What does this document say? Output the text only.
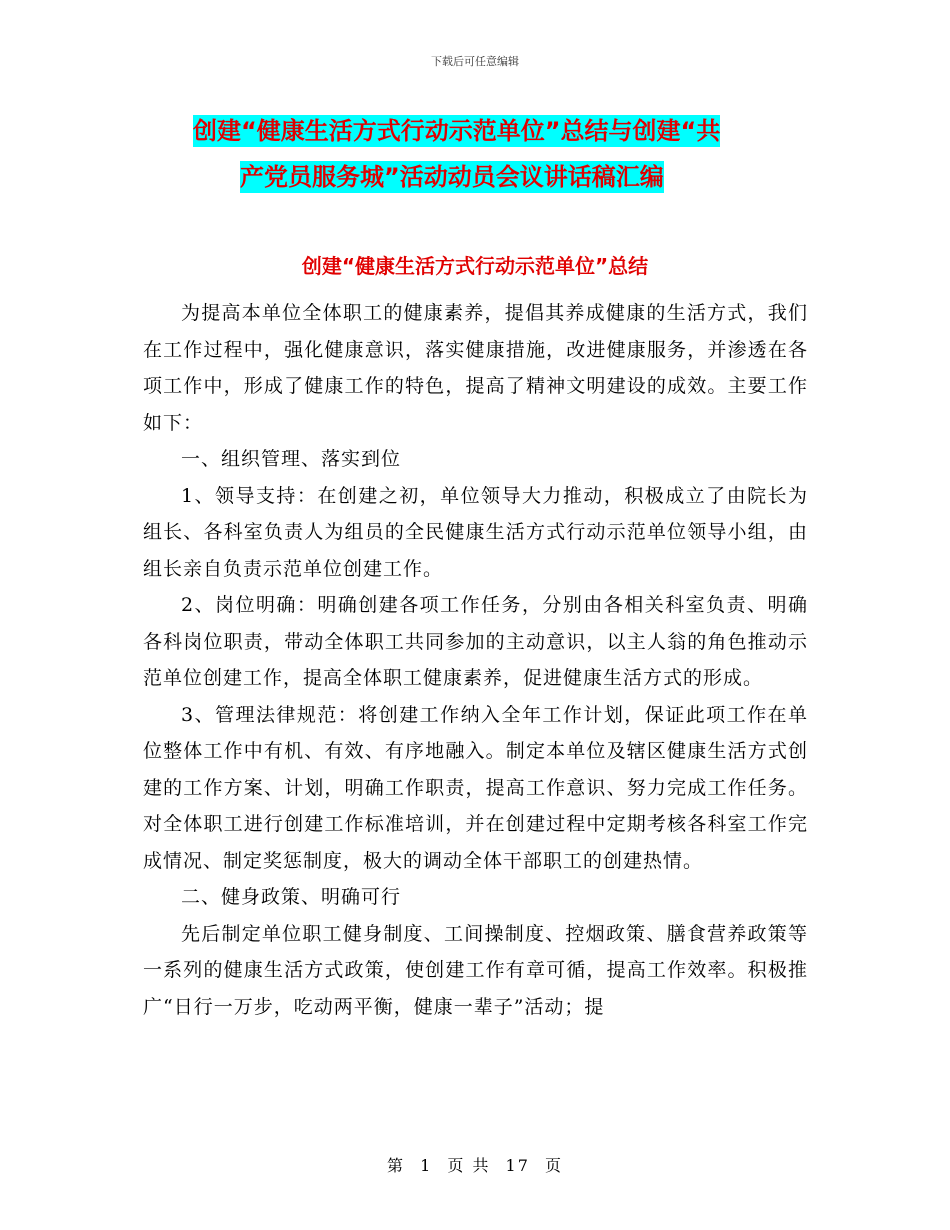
下载后可任意编辑
创建“健康生活方式行动示范单位”总结与创建“共
产党员服务城”活动动员会议讲话稿汇编
创建“健康生活方式行动示范单位”总结

为提高本单位全体职工的健康素养，提倡其养成健康的生活方式，我们在工作过程中，强化健康意识，落实健康措施，改进健康服务，并渗透在各项工作中，形成了健康工作的特色，提高了精神文明建设的成效。主要工作如下：

一、组织管理、落实到位

1、领导支持：在创建之初，单位领导大力推动，积极成立了由院长为组长、各科室负责人为组员的全民健康生活方式行动示范单位领导小组，由组长亲自负责示范单位创建工作。

2、岗位明确：明确创建各项工作任务，分别由各相关科室负责、明确各科岗位职责，带动全体职工共同参加的主动意识，以主人翁的角色推动示范单位创建工作，提高全体职工健康素养，促进健康生活方式的形成。

3、管理法律规范：将创建工作纳入全年工作计划，保证此项工作在单位整体工作中有机、有效、有序地融入。制定本单位及辖区健康生活方式创建的工作方案、计划，明确工作职责，提高工作意识、努力完成工作任务。对全体职工进行创建工作标准培训，并在创建过程中定期考核各科室工作完成情况、制定奖惩制度，极大的调动全体干部职工的创建热情。

二、健身政策、明确可行

先后制定单位职工健身制度、工间操制度、控烟政策、膳食营养政策等一系列的健康生活方式政策，使创建工作有章可循，提高工作效率。积极推广“日行一万步，吃动两平衡，健康一辈子”活动；提

第 1 页 共 17 页
